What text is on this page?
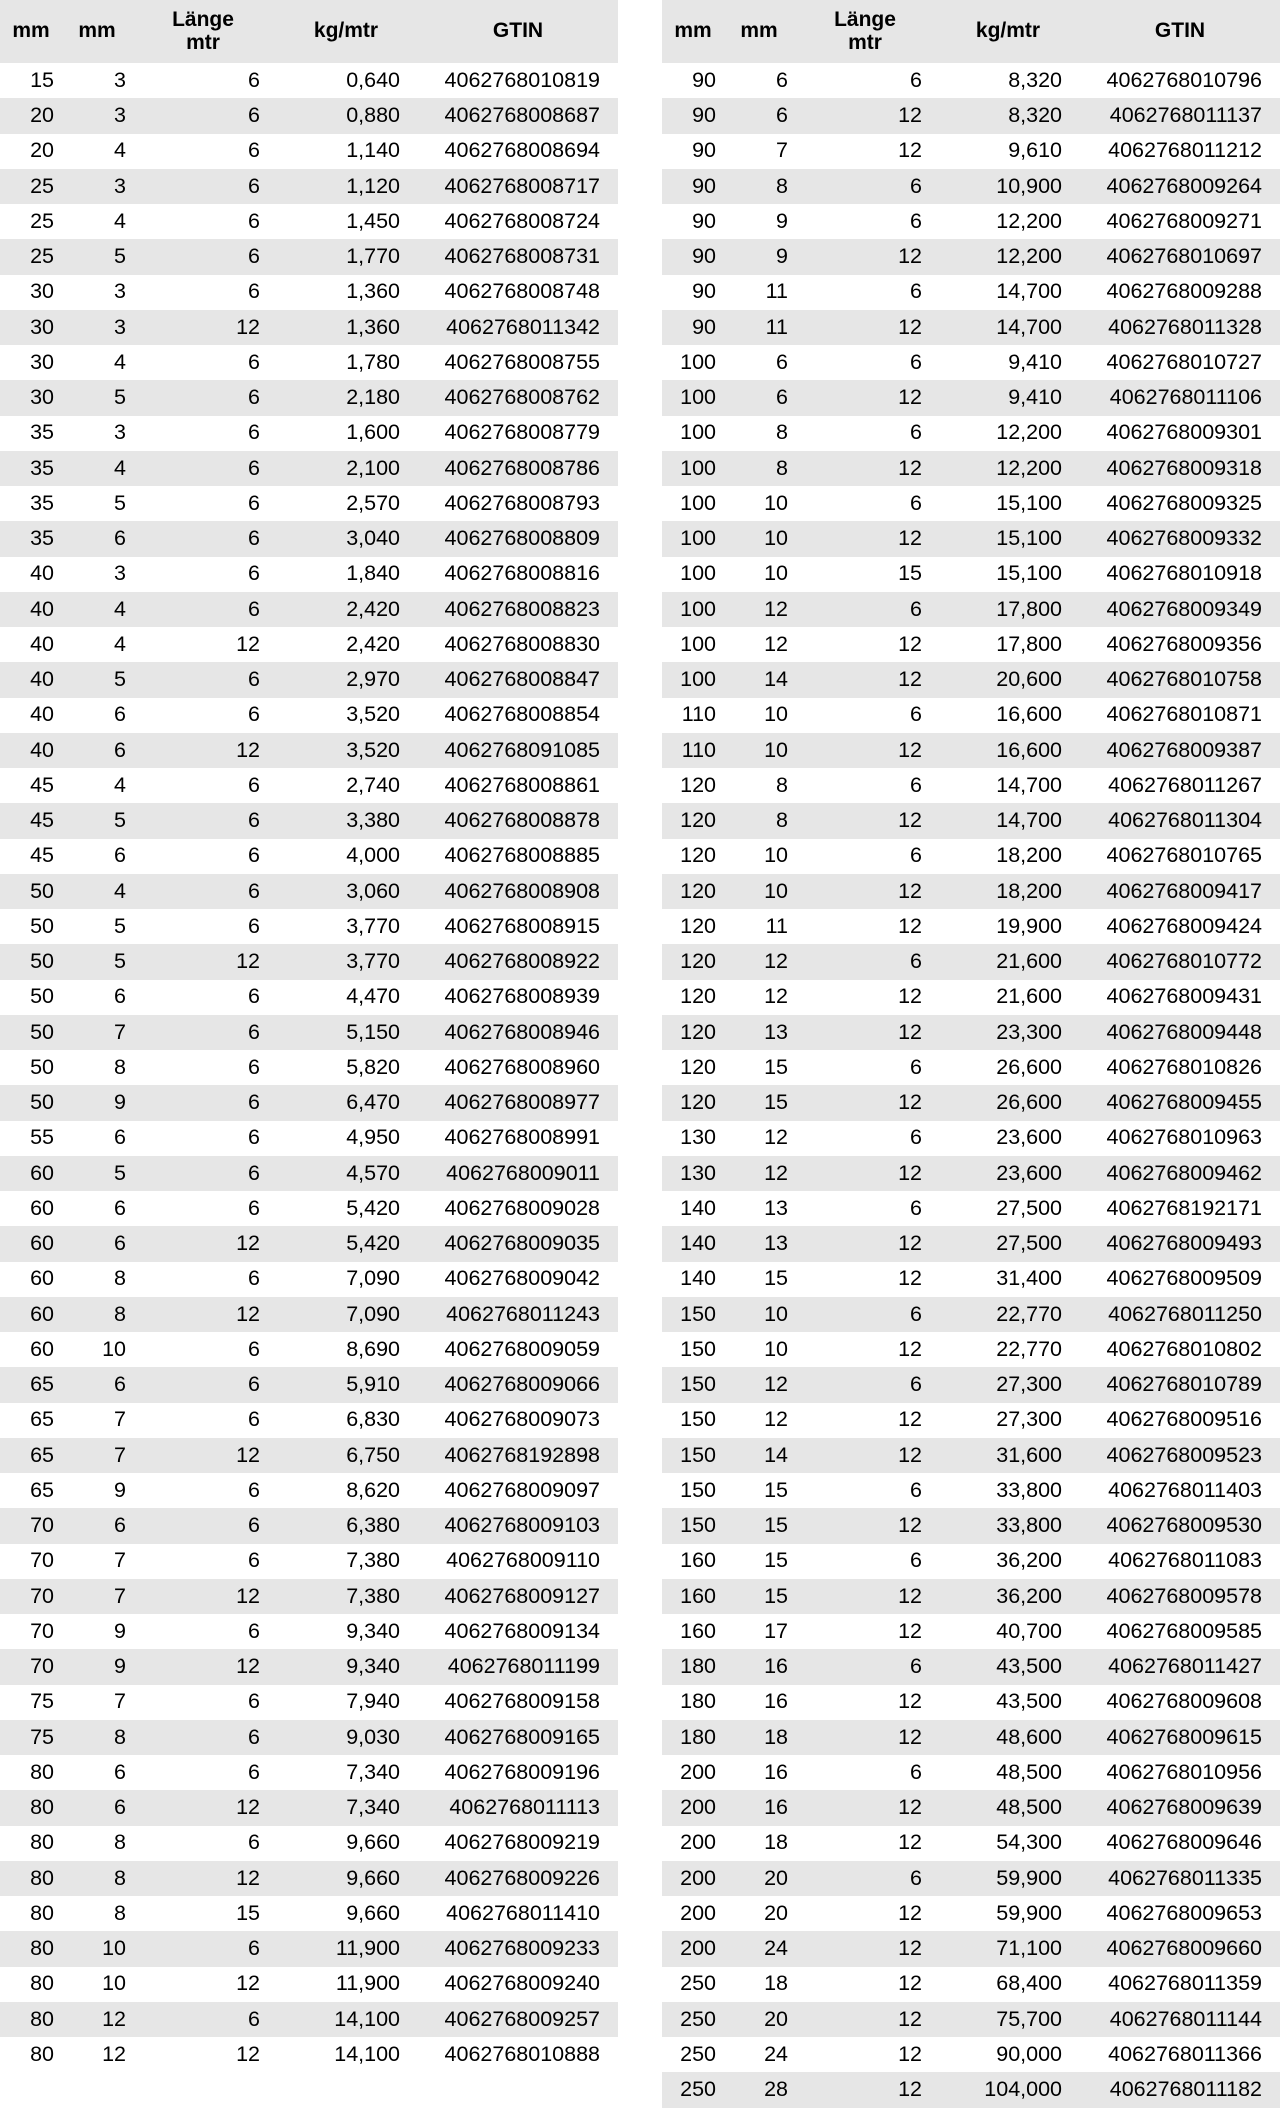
mm	mm	Länge
mtr	kg/mtr	GTIN
15	3	6	0,640	4062768010819
20	3	6	0,880	4062768008687
20	4	6	1,140	4062768008694
25	3	6	1,120	4062768008717
25	4	6	1,450	4062768008724
25	5	6	1,770	4062768008731
30	3	6	1,360	4062768008748
30	3	12	1,360	4062768011342
30	4	6	1,780	4062768008755
30	5	6	2,180	4062768008762
35	3	6	1,600	4062768008779
35	4	6	2,100	4062768008786
35	5	6	2,570	4062768008793
35	6	6	3,040	4062768008809
40	3	6	1,840	4062768008816
40	4	6	2,420	4062768008823
40	4	12	2,420	4062768008830
40	5	6	2,970	4062768008847
40	6	6	3,520	4062768008854
40	6	12	3,520	4062768091085
45	4	6	2,740	4062768008861
45	5	6	3,380	4062768008878
45	6	6	4,000	4062768008885
50	4	6	3,060	4062768008908
50	5	6	3,770	4062768008915
50	5	12	3,770	4062768008922
50	6	6	4,470	4062768008939
50	7	6	5,150	4062768008946
50	8	6	5,820	4062768008960
50	9	6	6,470	4062768008977
55	6	6	4,950	4062768008991
60	5	6	4,570	4062768009011
60	6	6	5,420	4062768009028
60	6	12	5,420	4062768009035
60	8	6	7,090	4062768009042
60	8	12	7,090	4062768011243
60	10	6	8,690	4062768009059
65	6	6	5,910	4062768009066
65	7	6	6,830	4062768009073
65	7	12	6,750	4062768192898
65	9	6	8,620	4062768009097
70	6	6	6,380	4062768009103
70	7	6	7,380	4062768009110
70	7	12	7,380	4062768009127
70	9	6	9,340	4062768009134
70	9	12	9,340	4062768011199
75	7	6	7,940	4062768009158
75	8	6	9,030	4062768009165
80	6	6	7,340	4062768009196
80	6	12	7,340	4062768011113
80	8	6	9,660	4062768009219
80	8	12	9,660	4062768009226
80	8	15	9,660	4062768011410
80	10	6	11,900	4062768009233
80	10	12	11,900	4062768009240
80	12	6	14,100	4062768009257
80	12	12	14,100	4062768010888
mm	mm	Länge
mtr	kg/mtr	GTIN
90	6	6	8,320	4062768010796
90	6	12	8,320	4062768011137
90	7	12	9,610	4062768011212
90	8	6	10,900	4062768009264
90	9	6	12,200	4062768009271
90	9	12	12,200	4062768010697
90	11	6	14,700	4062768009288
90	11	12	14,700	4062768011328
100	6	6	9,410	4062768010727
100	6	12	9,410	4062768011106
100	8	6	12,200	4062768009301
100	8	12	12,200	4062768009318
100	10	6	15,100	4062768009325
100	10	12	15,100	4062768009332
100	10	15	15,100	4062768010918
100	12	6	17,800	4062768009349
100	12	12	17,800	4062768009356
100	14	12	20,600	4062768010758
110	10	6	16,600	4062768010871
110	10	12	16,600	4062768009387
120	8	6	14,700	4062768011267
120	8	12	14,700	4062768011304
120	10	6	18,200	4062768010765
120	10	12	18,200	4062768009417
120	11	12	19,900	4062768009424
120	12	6	21,600	4062768010772
120	12	12	21,600	4062768009431
120	13	12	23,300	4062768009448
120	15	6	26,600	4062768010826
120	15	12	26,600	4062768009455
130	12	6	23,600	4062768010963
130	12	12	23,600	4062768009462
140	13	6	27,500	4062768192171
140	13	12	27,500	4062768009493
140	15	12	31,400	4062768009509
150	10	6	22,770	4062768011250
150	10	12	22,770	4062768010802
150	12	6	27,300	4062768010789
150	12	12	27,300	4062768009516
150	14	12	31,600	4062768009523
150	15	6	33,800	4062768011403
150	15	12	33,800	4062768009530
160	15	6	36,200	4062768011083
160	15	12	36,200	4062768009578
160	17	12	40,700	4062768009585
180	16	6	43,500	4062768011427
180	16	12	43,500	4062768009608
180	18	12	48,600	4062768009615
200	16	6	48,500	4062768010956
200	16	12	48,500	4062768009639
200	18	12	54,300	4062768009646
200	20	6	59,900	4062768011335
200	20	12	59,900	4062768009653
200	24	12	71,100	4062768009660
250	18	12	68,400	4062768011359
250	20	12	75,700	4062768011144
250	24	12	90,000	4062768011366
250	28	12	104,000	4062768011182
